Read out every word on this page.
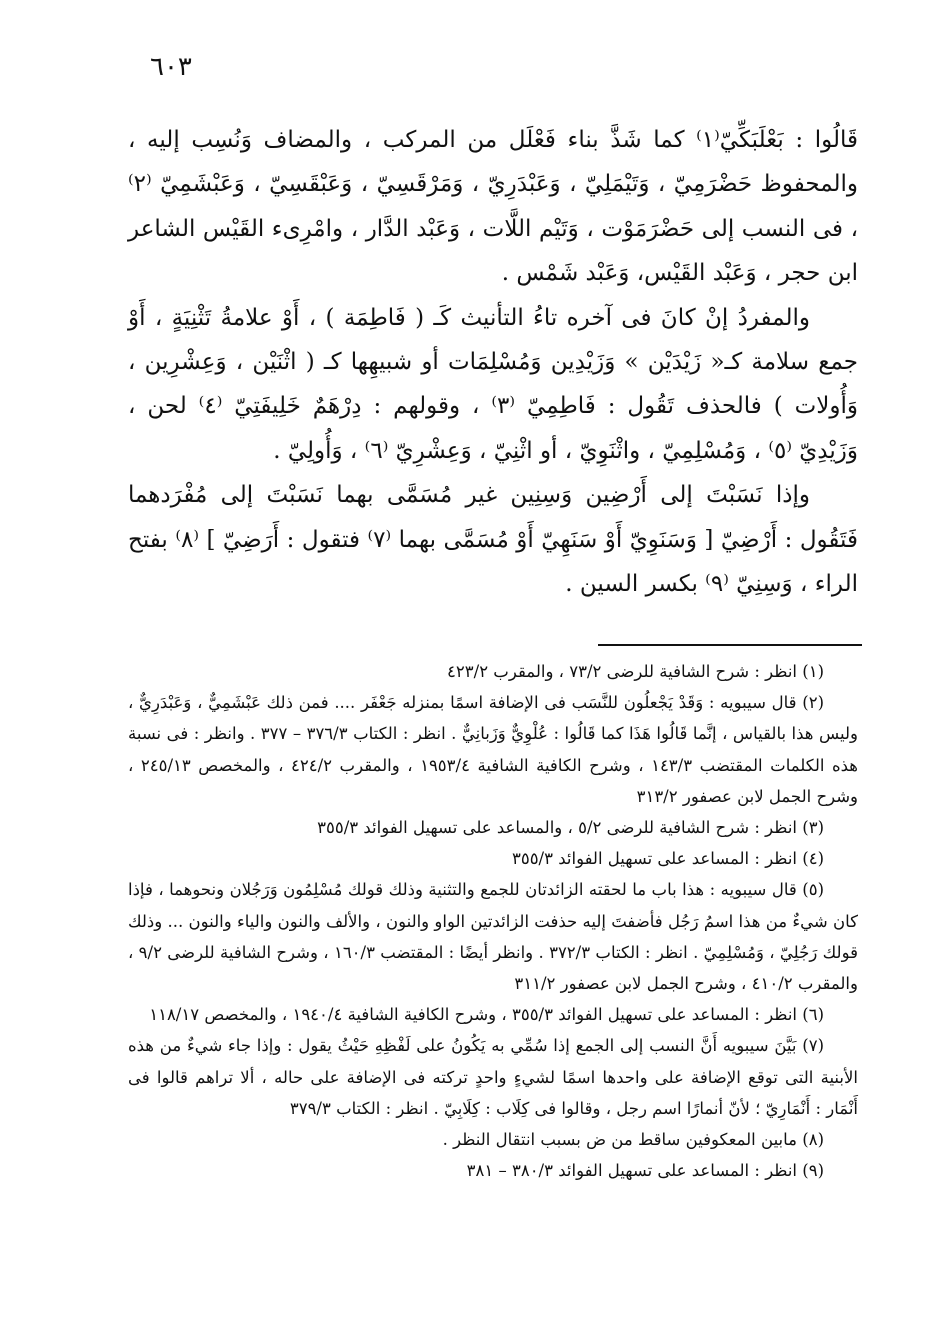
٦٠٣

قَالُوا : بَعْلَبَكِّيّ⁽١⁾ كما شَذَّ بناء فَعْلَل من المركب ، والمضاف وَنُسِب إليه ، والمحفوظ حَضْرَمِيّ ، وَتَيْمَلِيّ ، وَعَبْدَرِيّ ، وَمَرْقَسِيّ ، وَعَبْقَسِيّ ، وَعَبْشَمِيّ ⁽٢⁾ ، فى النسب إلى حَضْرَمَوْت ، وَتَيْم اللَّات ، وَعَبْد الدَّار ، وامْرِىء القَيْس الشاعر ابن حجر ، وَعَبْد القَيْس، وَعَبْد شَمْس .

والمفردُ إنْ كانَ فى آخره تاءُ التأنيث كَـ ( فَاطِمَة ) ، أَوْ علامةُ تَثْنِيَةٍ ، أَوْ جمع سلامة كـ« زَيْدَيْن » وَزَيْدِين وَمُسْلِمَات أو شبيهِها كـ ( اثْنَيْن ، وَعِشْرِين ، وَأُولات ) فالحذف تَقُول : فَاطِمِيّ ⁽٣⁾ ، وقولهم : دِرْهَمٌ خَلِيفَتِيّ ⁽٤⁾ لحن ، وَزَيْدِيّ ⁽٥⁾ ، وَمُسْلِمِيّ ، واثْنَوِيّ ، أو اثْنِيّ ، وَعِشْرِيّ ⁽٦⁾ ، وَأُولِيّ .

وإذا نَسَبْتَ إلى أَرْضِين وَسِنِين غير مُسَمَّى بهما نَسَبْتَ إلى مُفْرَدهما فَتَقُول : أَرْضِيّ [ وَسَنَوِيّ أَوْ سَنَهِيّ أَوْ مُسَمَّى بهما ⁽٧⁾ فتقول : أَرَضِيّ ] ⁽٨⁾ بفتح الراء ، وَسِنِيّ ⁽٩⁾ بكسر السين .

(١) انظر : شرح الشافية للرضى ٧٣/٢ ، والمقرب ٤٢٣/٢

(٢) قال سيبويه : وَقَدْ يَجْعلُون للنَّسَب فى الإضافة اسمًا بمنزله جَعْفَر .... فمن ذلك عَبْشَمِيٌّ ، وَعَبْدَرِيٌّ ، وليس هذا بالقياس ، إنَّما قَالُوا هَذَا كما قَالُوا : عُلْوِيٌّ وَزَبانِيٌّ . انظر : الكتاب ٣٧٦/٣ – ٣٧٧ . وانظر : فى نسبة هذه الكلمات المقتضب ١٤٣/٣ ، وشرح الكافية الشافية ١٩٥٣/٤ ، والمقرب ٤٢٤/٢ ، والمخصص ٢٤٥/١٣ ، وشرح الجمل لابن عصفور ٣١٣/٢

(٣) انظر : شرح الشافية للرضى ٥/٢ ، والمساعد على تسهيل الفوائد ٣٥٥/٣

(٤) انظر : المساعد على تسهيل الفوائد ٣٥٥/٣

(٥) قال سيبويه : هذا باب ما لحقته الزائدتان للجمع والتثنية وذلك قولك مُسْلِمُون وَرَجُلان ونحوهما ، فإذا كان شيءٌ من هذا اسمُ رَجُل فأضفتَ إليه حذفت الزائدتين الواو والنون ، والألف والنون والياء والنون ... وذلك قولك رَجُلِيّ ، وَمُسْلِمِيّ . انظر : الكتاب ٣٧٢/٣ . وانظر أيضًا : المقتضب ١٦٠/٣ ، وشرح الشافية للرضى ٩/٢ ، والمقرب ٤١٠/٢ ، وشرح الجمل لابن عصفور ٣١١/٢

(٦) انظر : المساعد على تسهيل الفوائد ٣٥٥/٣ ، وشرح الكافية الشافية ١٩٤٠/٤ ، والمخصص ١١٨/١٧

(٧) بَيَّنَ سيبويه أَنَّ النسب إلى الجمع إذا سُمِّي به يَكُونُ على لَفْظِهِ حَيْثُ يقول : وإذا جاء شيءٌ من هذه الأبنية التى توقع الإضافة على واحدها اسمًا لشيءٍ واحدٍ تركته فى الإضافة على حاله ، ألا تراهم قالوا فى أَنْمَار : أَنْمَارِيّ ؛ لأنّ أنمارًا اسم رجل ، وقالوا فى كِلَاب : كِلَابِيّ . انظر : الكتاب ٣٧٩/٣

(٨) مابين المعكوفين ساقط من ض بسبب انتقال النظر .

(٩) انظر : المساعد على تسهيل الفوائد ٣٨٠/٣ – ٣٨١
